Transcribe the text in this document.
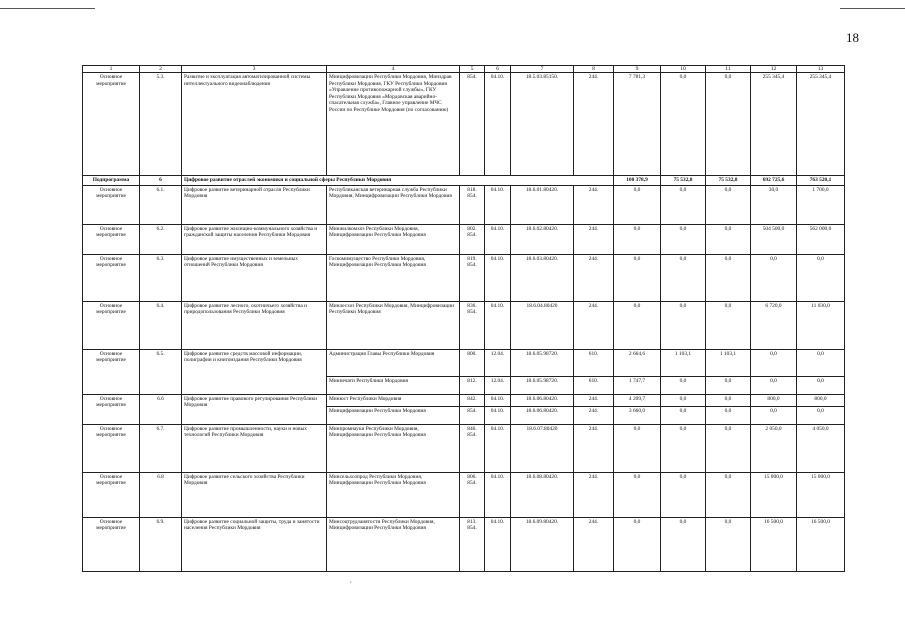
18
1	2	3	4	5	6	7	8	9	10	11	12	13
Основное мероприятие	5.3.	Развитие и эксплуатация автоматизированной системы интеллектуального видеонаблюдения	Минцифровизации Республики Мордовия, Минздрав Республики Мордовия, ГКУ Республики Мордовия «Управление противопожарной службы», ГКУ Республики Мордовия «Мордовская аварийно-спасательная служба», Главное управление МЧС России по Республике Мордовия (по согласованию)	854.	04.10.	18.5.03.85150.	244.	7 781,3	0,0	0,0	255 345,4	255 345,4
Подпрограмма	6	Цифровое развитие отраслей экономики и социальной сферы Республики Мордовия						100 378,9	75 532,8	75 532,8	692 725,6	763 520,1
Основное мероприятие	6.1.	Цифровое развитие ветеринарной отрасли Республики Мордовия	Республиканская ветеринарная служба Республики Мордовия, Минцифровизации Республики Мордовия	818. 854.	04.10.	18.6.01.80420.	244.	0,0	0,0	0,0	30,0	1 700,0
Основное мероприятие	6.2.	Цифровое развитие жилищно-коммунального хозяйства и гражданской защиты населения Республики Мордовия	Минжилкомхоз Республики Мордовия, Минцифровизации Республики Мордовия	802. 854.	04.10.	18.6.02.80420.	244.	0,0	0,0	0,0	504 500,0	562 000,0
Основное мероприятие	6.3.	Цифровое развитие имущественных и земельных отношений Республики Мордовия	Госкомимущество Республики Мордовия, Минцифровизации Республики Мордовия	819. 854.	04.10.	18.6.03.80420.	244.	0,0	0,0	0,0	0,0	0,0
Основное мероприятие	6.4.	Цифровое развитие лесного, охотничьего хозяйства и природопользования Республики Мордовия	Минлесхоз Республики Мордовия, Минцифровизации Республики Мордовия	836. 854.	04.10.	18.6.04.80420	244.	0,0	0,0	0,0	6 720,0	11 030,0
Основное мероприятие	6.5.	Цифровое развитие средств массовой информации, полиграфии и книгоиздания Республики Мордовия	Администрация Главы Республики Мордовия	800.	12.04.	18.6.05.98720.	610.	2 664,6	1 103,1	1 103,1	0,0	0,0
			Минпечати Республики Мордовия	812.	12.04.	18.6.05.98720.	610.	1 747,7	0,0	0,0	0,0	0,0
Основное мероприятие	6.6	Цифровое развитие правового регулирования Республики Мордовия	Минюст Республики Мордовия	842.	04.10.	18.6.06.80420.	244.	4 209,7	0,0	0,0	800,0	800,0
			Минцифровизации Республики Мордовия	854.	04.10.	18.6.06.80420.	244.	3 660,0	0,0	0,0	0,0	0,0
Основное мероприятие	6.7.	Цифровое развитие промышленности, науки и новых технологий Республики Мордовия	Минпромнауки Республики Мордовия, Минцифровизации Республики Мордовия	846. 854.	04.10.	18.6.07.80420	244.	0,0	0,0	0,0	2 050,0	4 050,0
Основное мероприятие	6.8	Цифровое развитие сельского хозяйства Республики Мордовия	Минсельхозпрод Республики Мордовия, Минцифровизации Республики Мордовия	806. 854.	04.10.	18.6.08.80420.	244.	0,0	0,0	0,0	15 000,0	15 000,0
Основное мероприятие	6.9.	Цифровое развитие социальной защиты, труда и занятости населения Республики Мордовия	Минсоцтрудзанятости Республики Мордовия, Минцифровизации Республики Мордовия	813. 854.	04.10.	18.6.09.80420.	244.	0,0	0,0	0,0	16 500,0	16 500,0
,
